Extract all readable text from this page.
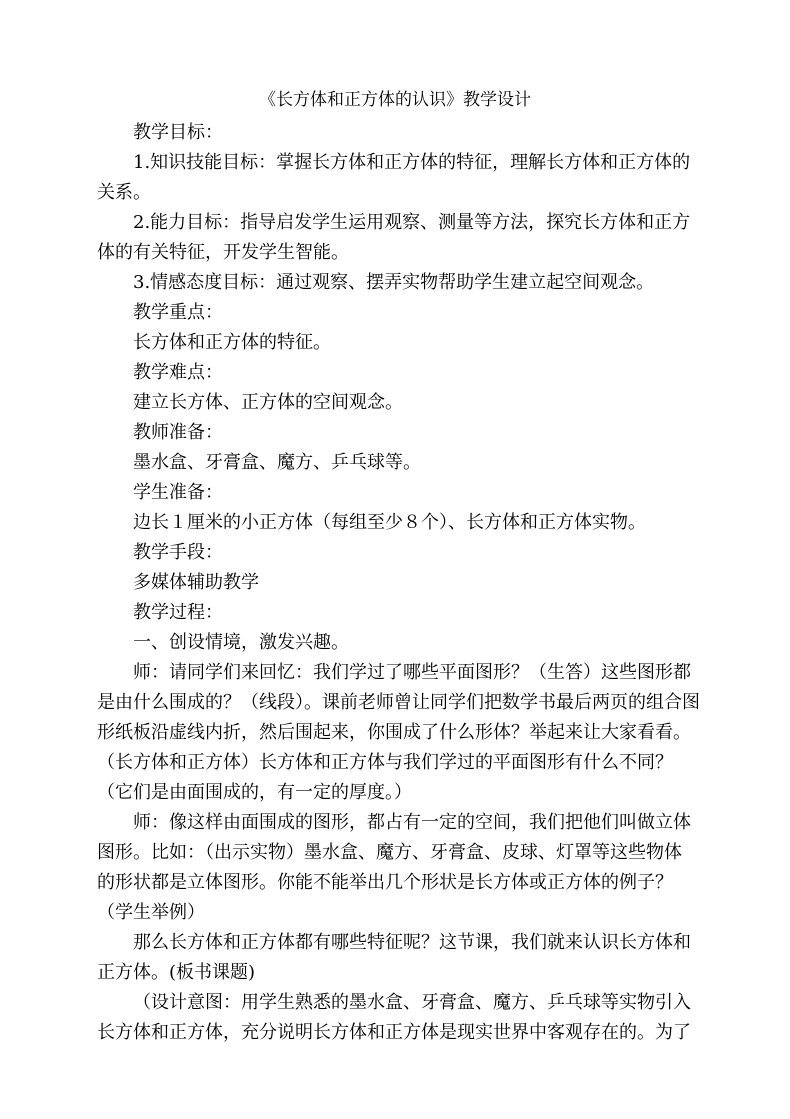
《长方体和正方体的认识》教学设计
教学目标：
1.知识技能目标：掌握长方体和正方体的特征，理解长方体和正方体的
关系。
2.能力目标：指导启发学生运用观察、测量等方法，探究长方体和正方
体的有关特征，开发学生智能。
3.情感态度目标：通过观察、摆弄实物帮助学生建立起空间观念。
教学重点：
长方体和正方体的特征。
教学难点：
建立长方体、正方体的空间观念。
教师准备：
墨水盒、牙膏盒、魔方、乒乓球等。
学生准备：
边长１厘米的小正方体（每组至少８个）、长方体和正方体实物。
教学手段：
多媒体辅助教学
教学过程：
一、创设情境，激发兴趣。
师：请同学们来回忆：我们学过了哪些平面图形？（生答）这些图形都
是由什么围成的？（线段）。课前老师曾让同学们把数学书最后两页的组合图
形纸板沿虚线内折，然后围起来，你围成了什么形体？举起来让大家看看。
（长方体和正方体）长方体和正方体与我们学过的平面图形有什么不同？
（它们是由面围成的，有一定的厚度。）
师：像这样由面围成的图形，都占有一定的空间，我们把他们叫做立体
图形。比如：（出示实物）墨水盒、魔方、牙膏盒、皮球、灯罩等这些物体
的形状都是立体图形。你能不能举出几个形状是长方体或正方体的例子？
（学生举例）
那么长方体和正方体都有哪些特征呢？这节课，我们就来认识长方体和
正方体。(板书课题)
（设计意图：用学生熟悉的墨水盒、牙膏盒、魔方、乒乓球等实物引入
长方体和正方体，充分说明长方体和正方体是现实世界中客观存在的。为了
